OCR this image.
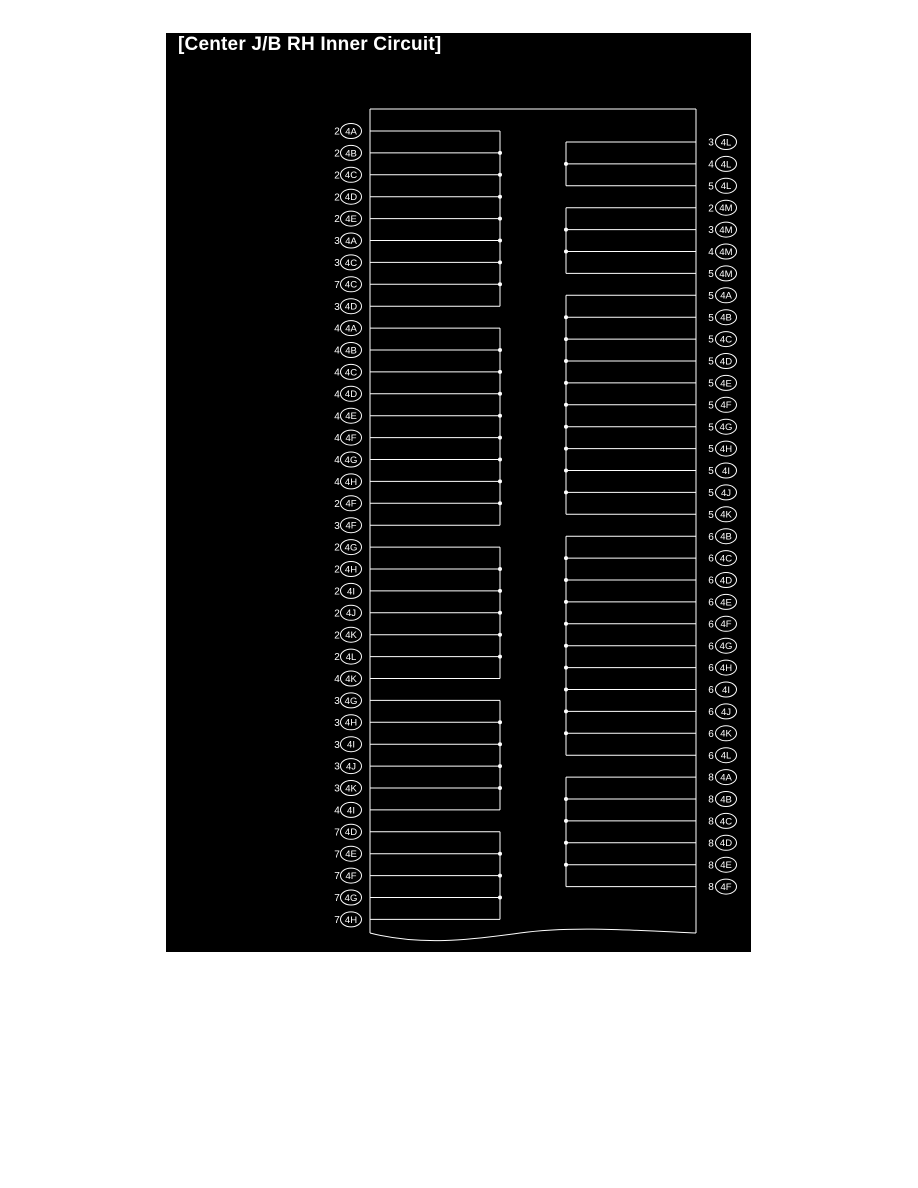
[Center J/B RH Inner Circuit]
2 4A
2 4B
2 4C
2 4D
2 4E
3 4A
3 4C
7 4C
3 4D
4 4A
4 4B
4 4C
4 4D
4 4E
4 4F
4 4G
4 4H
2 4F
3 4F
2 4G
2 4H
2 4I
2 4J
2 4K
2 4L
4 4K
3 4G
3 4H
3 4I
3 4J
3 4K
4 4I
7 4D
7 4E
7 4F
7 4G
7 4H
3 4L
4 4L
5 4L
2 4M
3 4M
4 4M
5 4M
5 4A
5 4B
5 4C
5 4D
5 4E
5 4F
5 4G
5 4H
5 4I
5 4J
5 4K
6 4B
6 4C
6 4D
6 4E
6 4F
6 4G
6 4H
6 4I
6 4J
6 4K
6 4L
8 4A
8 4B
8 4C
8 4D
8 4E
8 4F
